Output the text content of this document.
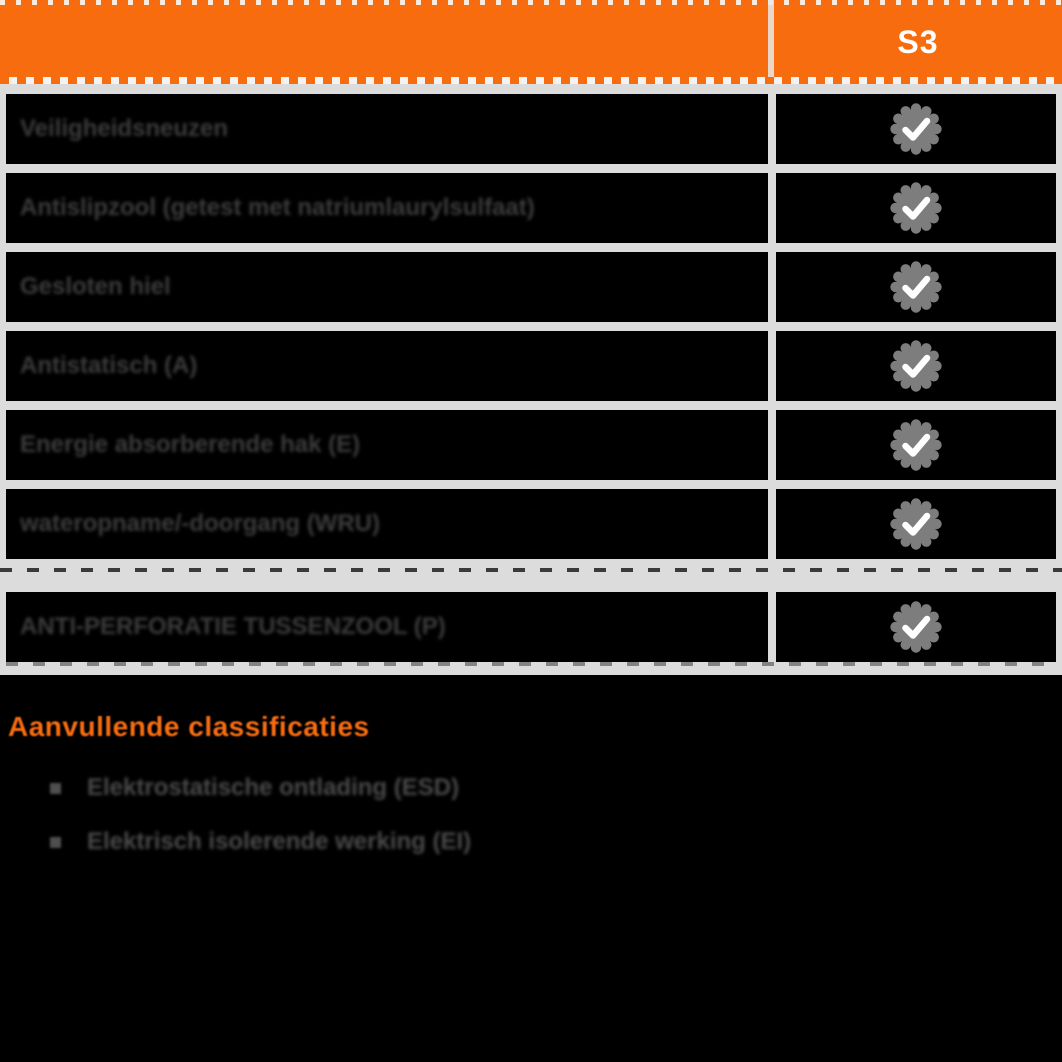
S3
Veiligheidsneuzen
Antislipzool (getest met natriumlaurylsulfaat)
Gesloten hiel
Antistatisch (A)
Energie absorberende hak (E)
wateropname/-doorgang (WRU)
ANTI-PERFORATIE TUSSENZOOL (P)
Aanvullende classificaties
Elektrostatische ontlading (ESD)
Elektrisch isolerende werking (EI)
